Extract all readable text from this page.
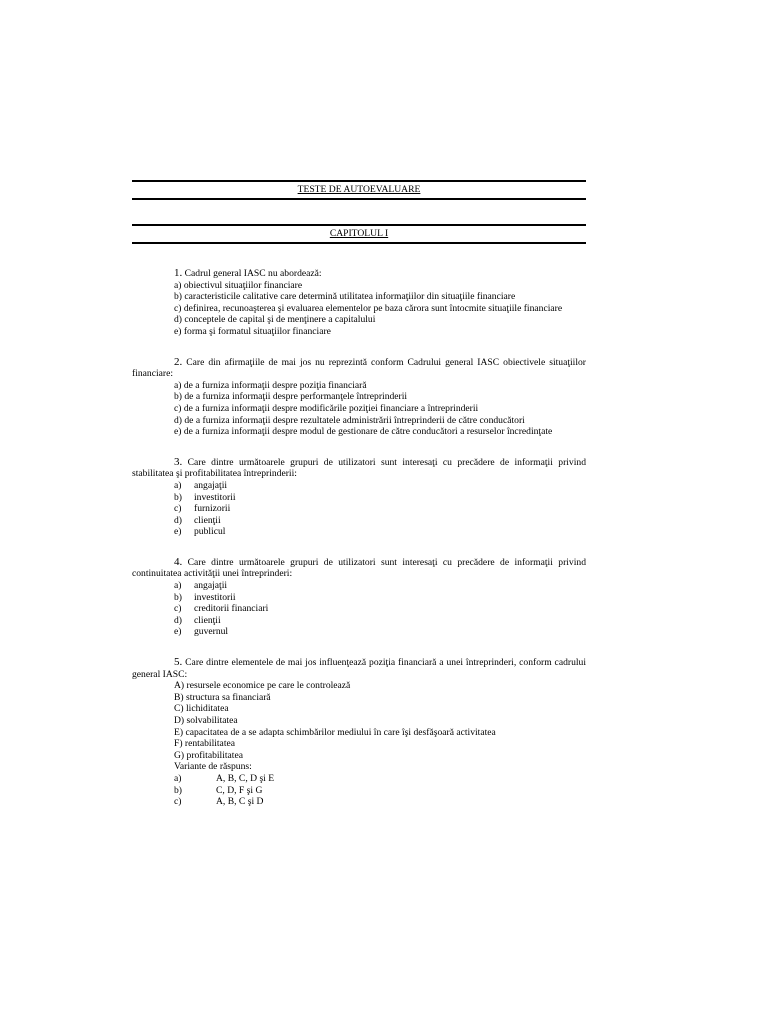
TESTE DE AUTOEVALUARE
CAPITOLUL I

1. Cadrul general IASC nu abordează:

a) obiectivul situaţiilor financiare

b) caracteristicile calitative care determină utilitatea informaţiilor din situaţiile financiare

c) definirea, recunoaşterea şi evaluarea elementelor pe baza cărora sunt întocmite situaţiile financiare

d) conceptele de capital şi de menţinere a capitalului

e) forma şi formatul situaţiilor financiare

2. Care din afirmaţiile de mai jos nu reprezintă conform Cadrului general IASC obiectivele situaţiilor financiare:

a) de a furniza informaţii despre poziţia financiară

b) de a furniza informaţii despre performanţele întreprinderii

c) de a furniza informaţii despre modificările poziţiei financiare a întreprinderii

d) de a furniza informaţii despre rezultatele administrării întreprinderii de către conducători

e) de a furniza informaţii despre modul de gestionare de către conducători a resurselor încredinţate

3. Care dintre următoarele grupuri de utilizatori sunt interesaţi cu precădere de informaţii privind stabilitatea şi profitabilitatea întreprinderii:

a)	angajaţii

b)	investitorii

c)	furnizorii

d)	clienţii

e)	publicul

4. Care dintre următoarele grupuri de utilizatori sunt interesaţi cu precădere de informaţii privind continuitatea activităţii unei întreprinderi:

a)	angajaţii

b)	investitorii

c)	creditorii financiari

d)	clienţii

e)	guvernul

5. Care dintre elementele de mai jos influenţează poziţia financiară a unei întreprinderi, conform cadrului general IASC:

A) resursele economice pe care le controlează

B) structura sa financiară

C) lichiditatea

D) solvabilitatea

E) capacitatea de a se adapta schimbărilor mediului în care îşi desfăşoară activitatea

F) rentabilitatea

G) profitabilitatea

Variante de răspuns:

a)	A, B, C, D şi E

b)	C, D, F şi G

c)	A, B, C şi D
